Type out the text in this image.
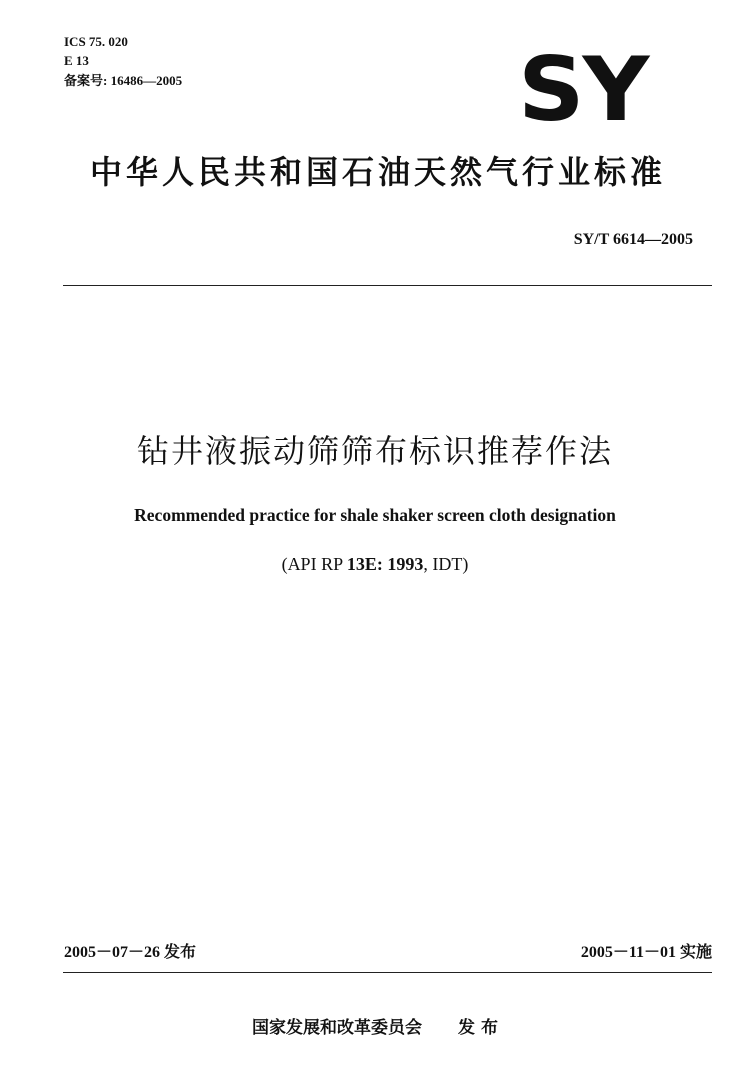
ICS 75. 020
E 13
备案号: 16486—2005	SY
中华人民共和国石油天然气行业标准
SY/T 6614—2005
钻井液振动筛筛布标识推荐作法
Recommended practice for shale shaker screen cloth designation
(API RP 13E: 1993, IDT)
2005－07－26 发布	2005－11－01 实施
国家发展和改革委员会 发 布
